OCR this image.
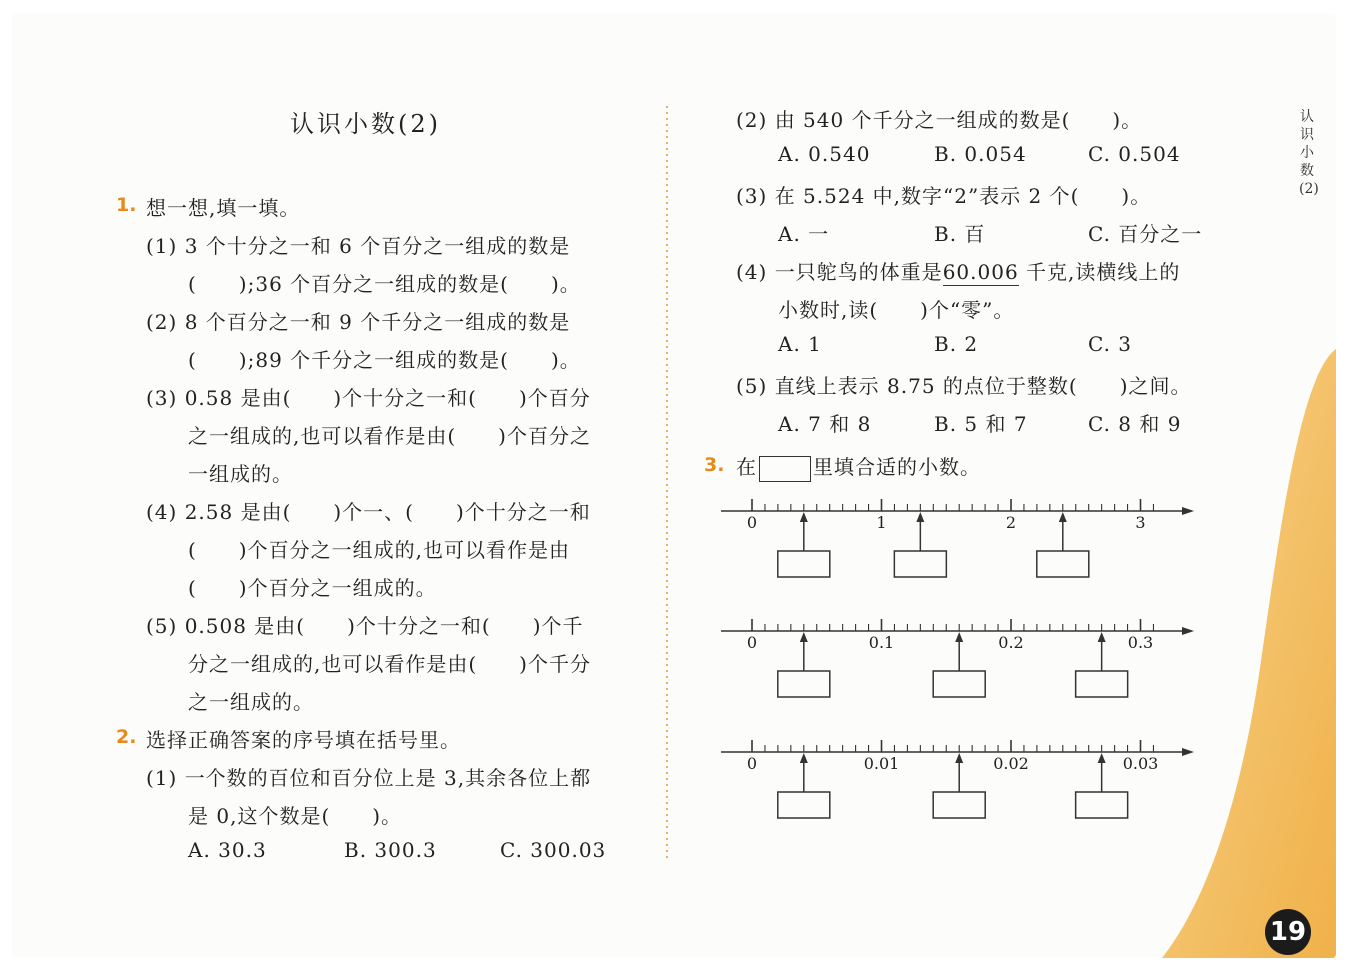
认识小数(2)	认识小数(2)
1. 想一想,填一填。
(1) 3 个十分之一和 6 个百分之一组成的数是
(　　);36 个百分之一组成的数是(　　)。
(2) 8 个百分之一和 9 个千分之一组成的数是
(　　);89 个千分之一组成的数是(　　)。
(3) 0.58 是由(　　)个十分之一和(　　)个百分
之一组成的,也可以看作是由(　　)个百分之
一组成的。
(4) 2.58 是由(　　)个一、(　　)个十分之一和
(　　)个百分之一组成的,也可以看作是由
(　　)个百分之一组成的。
(5) 0.508 是由(　　)个十分之一和(　　)个千
分之一组成的,也可以看作是由(　　)个千分
之一组成的。
2. 选择正确答案的序号填在括号里。
(1) 一个数的百位和百分位上是 3,其余各位上都
是 0,这个数是(　　)。
A. 30.3	B. 300.3	C. 300.03
(2) 由 540 个千分之一组成的数是(　　)。
A. 0.540	B. 0.054	C. 0.504
(3) 在 5.524 中,数字“2”表示 2 个(　　)。
A. 一	B. 百	C. 百分之一
(4) 一只鸵鸟的体重是60.006 千克,读横线上的
小数时,读(　　)个“零”。
A. 1	B. 2	C. 3
(5) 直线上表示 8.75 的点位于整数(　　)之间。
A. 7 和 8	B. 5 和 7	C. 8 和 9
3. 在	里填合适的小数。
0	1	2	3
0	0.1	0.2	0.3
0	0.01	0.02	0.03
19
